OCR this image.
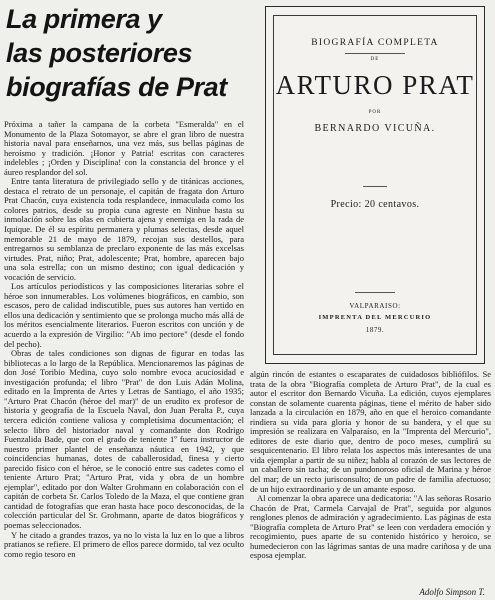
La primera y
las posteriores
biografías de Prat
BIOGRAFÍA COMPLETA
DE
ARTURO PRAT
POR
BERNARDO VICUÑA.
Precio: 20 centavos.
VALPARAISO:
IMPRENTA DEL MERCURIO
1879.

Próxima a tañer la campana de la corbeta "Esmeralda" en el Monumento de la Plaza Sotomayor, se abre el gran libro de nuestra historia naval para enseñarnos, una vez más, sus bellas páginas de heroísmo y tradición. ¡Honor y Patria! escritas con caracteres indelebles ; ¡Orden y Disciplina! con la constancia del bronce y el áureo resplandor del sol.

Entre tanta literatura de privilegiado sello y de titánicas acciones, destaca el retrato de un personaje, el capitán de fragata don Arturo Prat Chacón, cuya existencia toda resplandece, inmaculada como los colores patrios, desde su propia cuna agreste en Ninhue hasta su inmolación sobre las olas en cubierta ajena y enemiga en la rada de Iquique. De él su espíritu permanera y plumas selectas, desde aquel memorable 21 de mayo de 1879, recojan sus destellos, para entregarnos su semblanza de preclaro exponente de las más excelsas virtudes. Prat, niño; Prat, adolescente; Prat, hombre, aparecen bajo una sola estrella; con un mismo destino; con igual dedicación y vocación de servicio.

Los artículos periodísticos y las composiciones literarias sobre el héroe son innumerables. Los volúmenes biográficos, en cambio, son escasos, pero de calidad indiscutible, pues sus autores han vertido en ellos una dedicación y sentimiento que se prolonga mucho más allá de los méritos esencialmente literarios. Fueron escritos con unción y de acuerdo a la expresión de Virgilio: "Ab imo pectore" (desde el fondo del pecho).

Obras de tales condiciones son dignas de figurar en todas las bibliotecas a lo largo de la República. Mencionaremos las páginas de don José Toribio Medina, cuyo solo nombre evoca acuciosidad e investigación profunda; el libro "Prat" de don Luis Adán Molina, editado en la Imprenta de Artes y Letras de Santiago, el año 1935; "Arturo Prat Chacón (héroe del mar)" de un erudito ex profesor de historia y geografía de la Escuela Naval, don Juan Peralta P., cuya tercera edición contiene valiosa y completísima documentación; el selecto libro del historiador naval y comandante don Rodrigo Fuenzalida Bade, que con el grado de teniente 1º fuera instructor de nuestro primer plantel de enseñanza náutica en 1942, y que coincidencias humanas, dotes de caballerosidad, finesa y cierto parecido físico con el héroe, se le conoció entre sus cadetes como el teniente Arturo Prat; "Arturo Prat, vida y obra de un hombre ejemplar", editado por don Walter Grohmann en colaboración con el capitán de corbeta Sr. Carlos Toledo de la Maza, el que contiene gran cantidad de fotografías que eran hasta hace poco desconocidas, de la colección particular del Sr. Grohmann, aparte de datos biográficos y poemas seleccionados.

Y he citado a grandes trazos, ya no lo vista la luz en lo que a libros pratianos se refiere. El primero de ellos parece dormido, tal vez oculto como regio tesoro en

algún rincón de estantes o escaparates de cuidadosos bibliófilos. Se trata de la obra "Biografía completa de Arturo Prat", de la cual es autor el escritor don Bernardo Vicuña. La edición, cuyos ejemplares constan de solamente cuarenta páginas, tiene el mérito de haber sido lanzada a la circulación en 1879, año en que el heroico comandante rindiera su vida para gloria y honor de su bandera, y el que su impresión se realizara en Valparaíso, en la "Imprenta del Mercurio", editores de este diario que, dentro de poco meses, cumplirá su sesquicentenario. El libro relata los aspectos más interesantes de una vida ejemplar a partir de su niñez; habla al corazón de sus lectores de un caballero sin tacha; de un pundonoroso oficial de Marina y héroe del mar; de un recto jurisconsulto; de un padre de familia afectuoso; de un hijo extraordinario y de un amante esposo.

Al comenzar la obra aparece una dedicatoria: "A las señoras Rosario Chacón de Prat, Carmela Carvajal de Prat", seguida por algunos renglones plenos de admiración y agradecimiento. Las páginas de esta "Biografía completa de Arturo Prat" se leen con verdadera emoción y recogimiento, pues aparte de su contenido histórico y heroico, se humedecieron con las lágrimas santas de una madre cariñosa y de una esposa ejemplar.

Adolfo Simpson T.
